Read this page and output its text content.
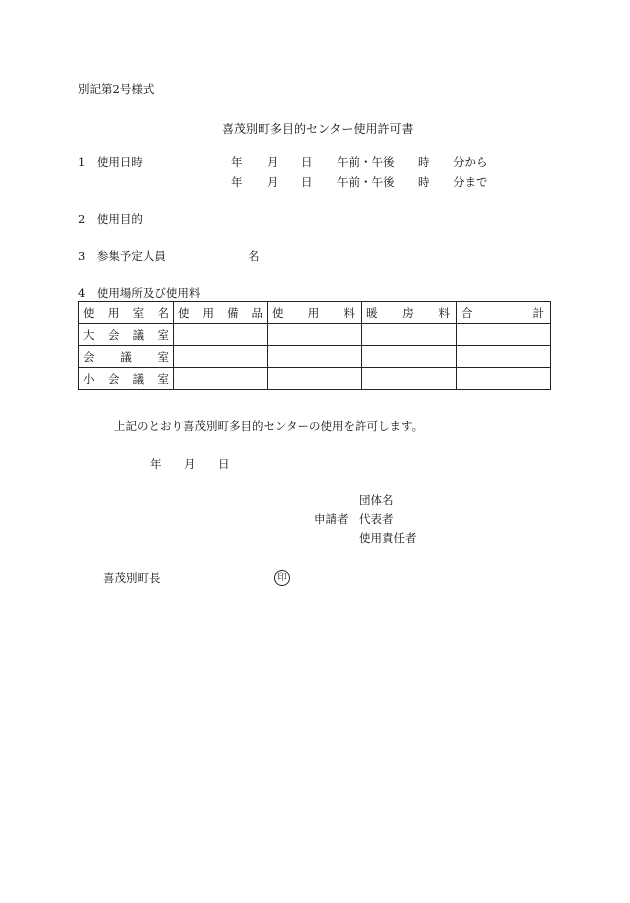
別記第2号様式
喜茂別町多目的センター使用許可書
1　使用日時	年 月 日 午前・午後 時 分から
年 月 日 午前・午後 時 分まで
2　使用目的
3　参集予定人員	名
4　使用場所及び使用料
使 用 室 名	使 用 備 品	使 用 料	暖 房 料	合 計

大 会 議 室				

会 議 室				

小 会 議 室				

上記のとおり喜茂別町多目的センターの使用を許可します。
年 月 日
団体名
申請者 代表者
使用責任者
喜茂別町長	印
